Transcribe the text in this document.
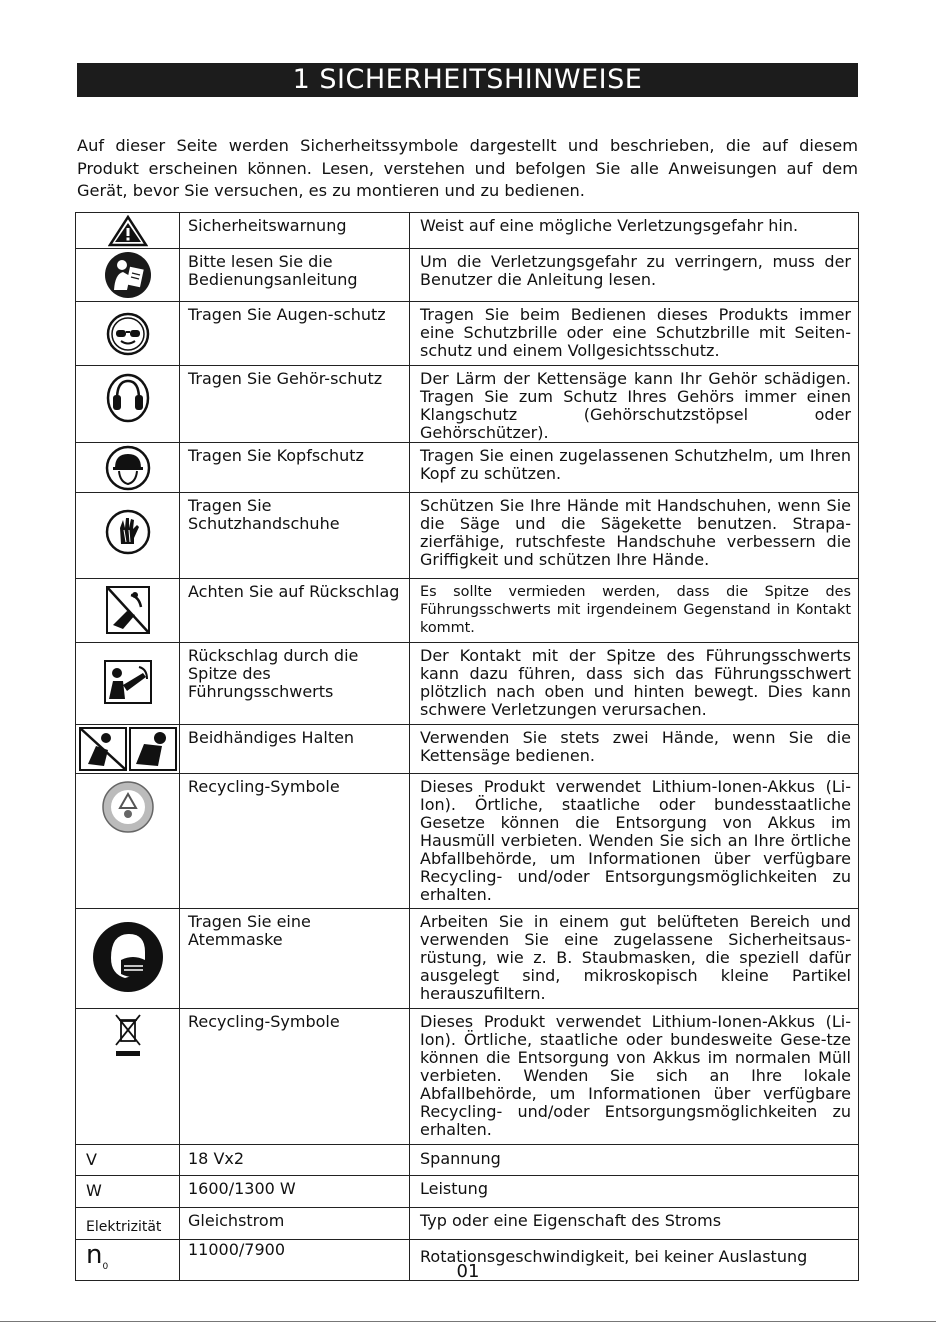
1 SICHERHEITSHINWEISE

Auf dieser Seite werden Sicherheitssymbole dargestellt und beschrieben, die auf diesem Produkt erscheinen können. Lesen, verstehen und befolgen Sie alle Anweisungen auf dem Gerät, bevor Sie versuchen, es zu montieren und zu bedienen.

	Sicherheitswarnung	Weist auf eine mögliche Verletzungsgefahr hin.

	Bitte lesen Sie die Bedienungsanleitung	Um die Verletzungsgefahr zu verringern, muss der Benutzer die Anleitung lesen.

	Tragen Sie Augen-schutz	Tragen Sie beim Bedienen dieses Produkts immer eine Schutzbrille oder eine Schutzbrille mit Seiten-schutz und einem Vollgesichtsschutz.

	Tragen Sie Gehör-schutz	Der Lärm der Kettensäge kann Ihr Gehör schädigen. Tragen Sie zum Schutz Ihres Gehörs immer einen Klangschutz (Gehörschutzstöpsel oder Gehörschützer).

	Tragen Sie Kopfschutz	Tragen Sie einen zugelassenen Schutzhelm, um Ihren Kopf zu schützen.

	Tragen Sie Schutzhandschuhe	Schützen Sie Ihre Hände mit Handschuhen, wenn Sie die Säge und die Sägekette benutzen. Strapa-zierfähige, rutschfeste Handschuhe verbessern die Griffigkeit und schützen Ihre Hände.

	Achten Sie auf Rückschlag	Es sollte vermieden werden, dass die Spitze des Führungsschwerts mit irgendeinem Gegenstand in Kontakt kommt.

	Rückschlag durch die Spitze des Führungsschwerts	Der Kontakt mit der Spitze des Führungsschwerts kann dazu führen, dass sich das Führungsschwert plötzlich nach oben und hinten bewegt. Dies kann schwere Verletzungen verursachen.

	Beidhändiges Halten	Verwenden Sie stets zwei Hände, wenn Sie die Kettensäge bedienen.

	Recycling-Symbole	Dieses Produkt verwendet Lithium-Ionen-Akkus (Li-Ion). Örtliche, staatliche oder bundesstaatliche Gesetze können die Entsorgung von Akkus im Hausmüll verbieten. Wenden Sie sich an Ihre örtliche Abfallbehörde, um Informationen über verfügbare Recycling- und/oder Entsorgungsmöglichkeiten zu erhalten.

	Tragen Sie eine Atemmaske	Arbeiten Sie in einem gut belüfteten Bereich und verwenden Sie eine zugelassene Sicherheitsaus-rüstung, wie z. B. Staubmasken, die speziell dafür ausgelegt sind, mikroskopisch kleine Partikel herauszufiltern.

	Recycling-Symbole	Dieses Produkt verwendet Lithium-Ionen-Akkus (Li-Ion). Örtliche, staatliche oder bundesweite Gese-tze können die Entsorgung von Akkus im normalen Müll verbieten. Wenden Sie sich an Ihre lokale Abfallbehörde, um Informationen über verfügbare Recycling- und/oder Entsorgungsmöglichkeiten zu erhalten.

V	18 Vx2	Spannung

W	1600/1300 W	Leistung

Elektrizität	Gleichstrom	Typ oder eine Eigenschaft des Stroms

$n_0$	11000/7900	Rotationsgeschwindigkeit, bei keiner Auslastung
01
